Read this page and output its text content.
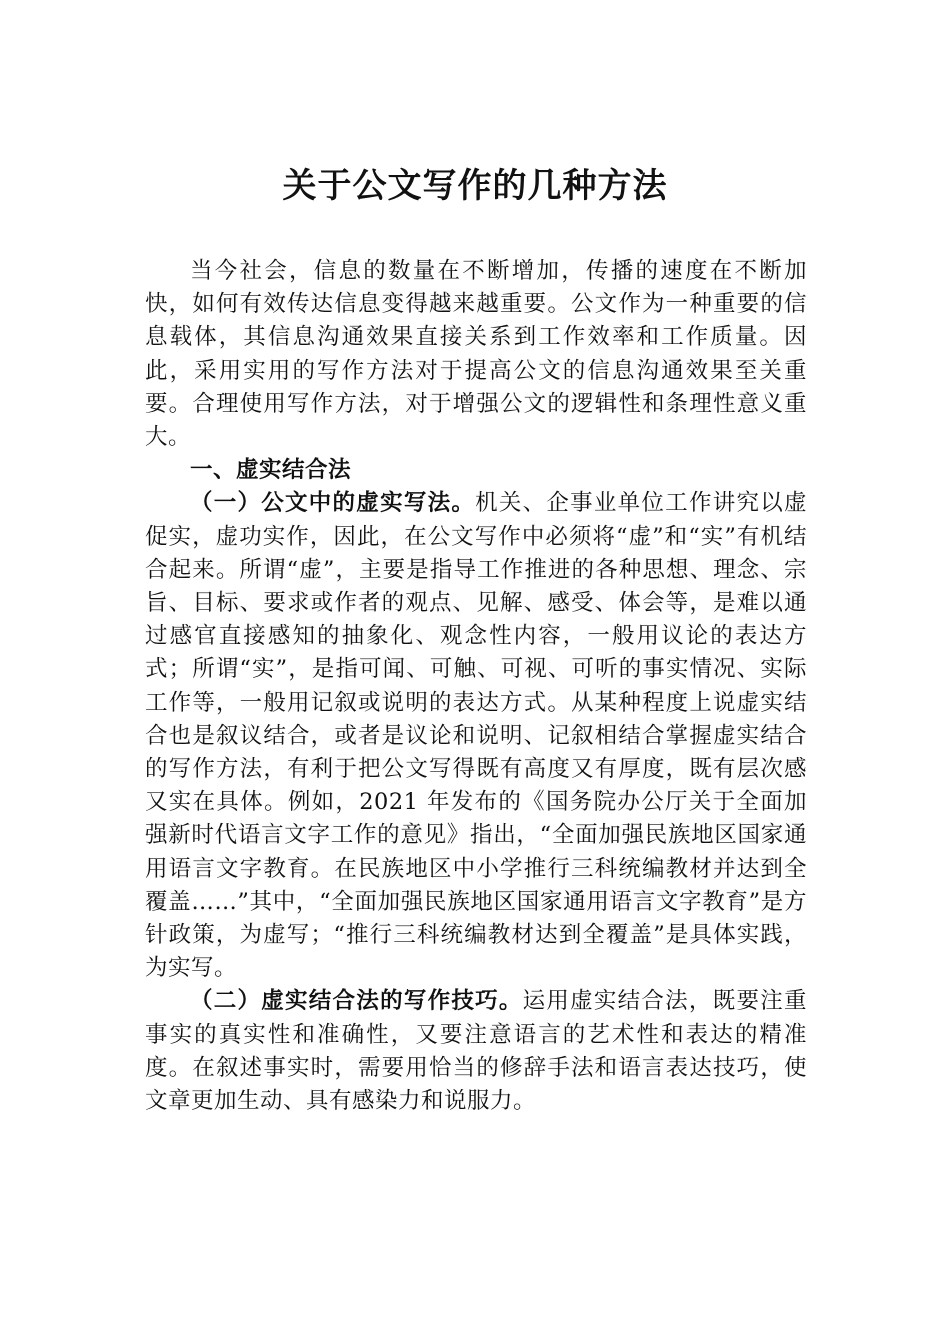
关于公文写作的几种方法

当今社会，信息的数量在不断增加，传播的速度在不断加快，如何有效传达信息变得越来越重要。公文作为一种重要的信息载体，其信息沟通效果直接关系到工作效率和工作质量。因此，采用实用的写作方法对于提高公文的信息沟通效果至关重要。合理使用写作方法，对于增强公文的逻辑性和条理性意义重大。

一、虚实结合法

（一）公文中的虚实写法。机关、企事业单位工作讲究以虚促实，虚功实作，因此，在公文写作中必须将“虚”和“实”有机结合起来。所谓“虚”，主要是指导工作推进的各种思想、理念、宗旨、目标、要求或作者的观点、见解、感受、体会等，是难以通过感官直接感知的抽象化、观念性内容，一般用议论的表达方式；所谓“实”，是指可闻、可触、可视、可听的事实情况、实际工作等，一般用记叙或说明的表达方式。从某种程度上说虚实结合也是叙议结合，或者是议论和说明、记叙相结合掌握虚实结合的写作方法，有利于把公文写得既有高度又有厚度，既有层次感又实在具体。例如，2021 年发布的《国务院办公厅关于全面加强新时代语言文字工作的意见》指出，“全面加强民族地区国家通用语言文字教育。在民族地区中小学推行三科统编教材并达到全覆盖……”其中，“全面加强民族地区国家通用语言文字教育”是方针政策，为虚写；“推行三科统编教材达到全覆盖”是具体实践，为实写。

（二）虚实结合法的写作技巧。运用虚实结合法，既要注重事实的真实性和准确性，又要注意语言的艺术性和表达的精准度。在叙述事实时，需要用恰当的修辞手法和语言表达技巧，使文章更加生动、具有感染力和说服力。
